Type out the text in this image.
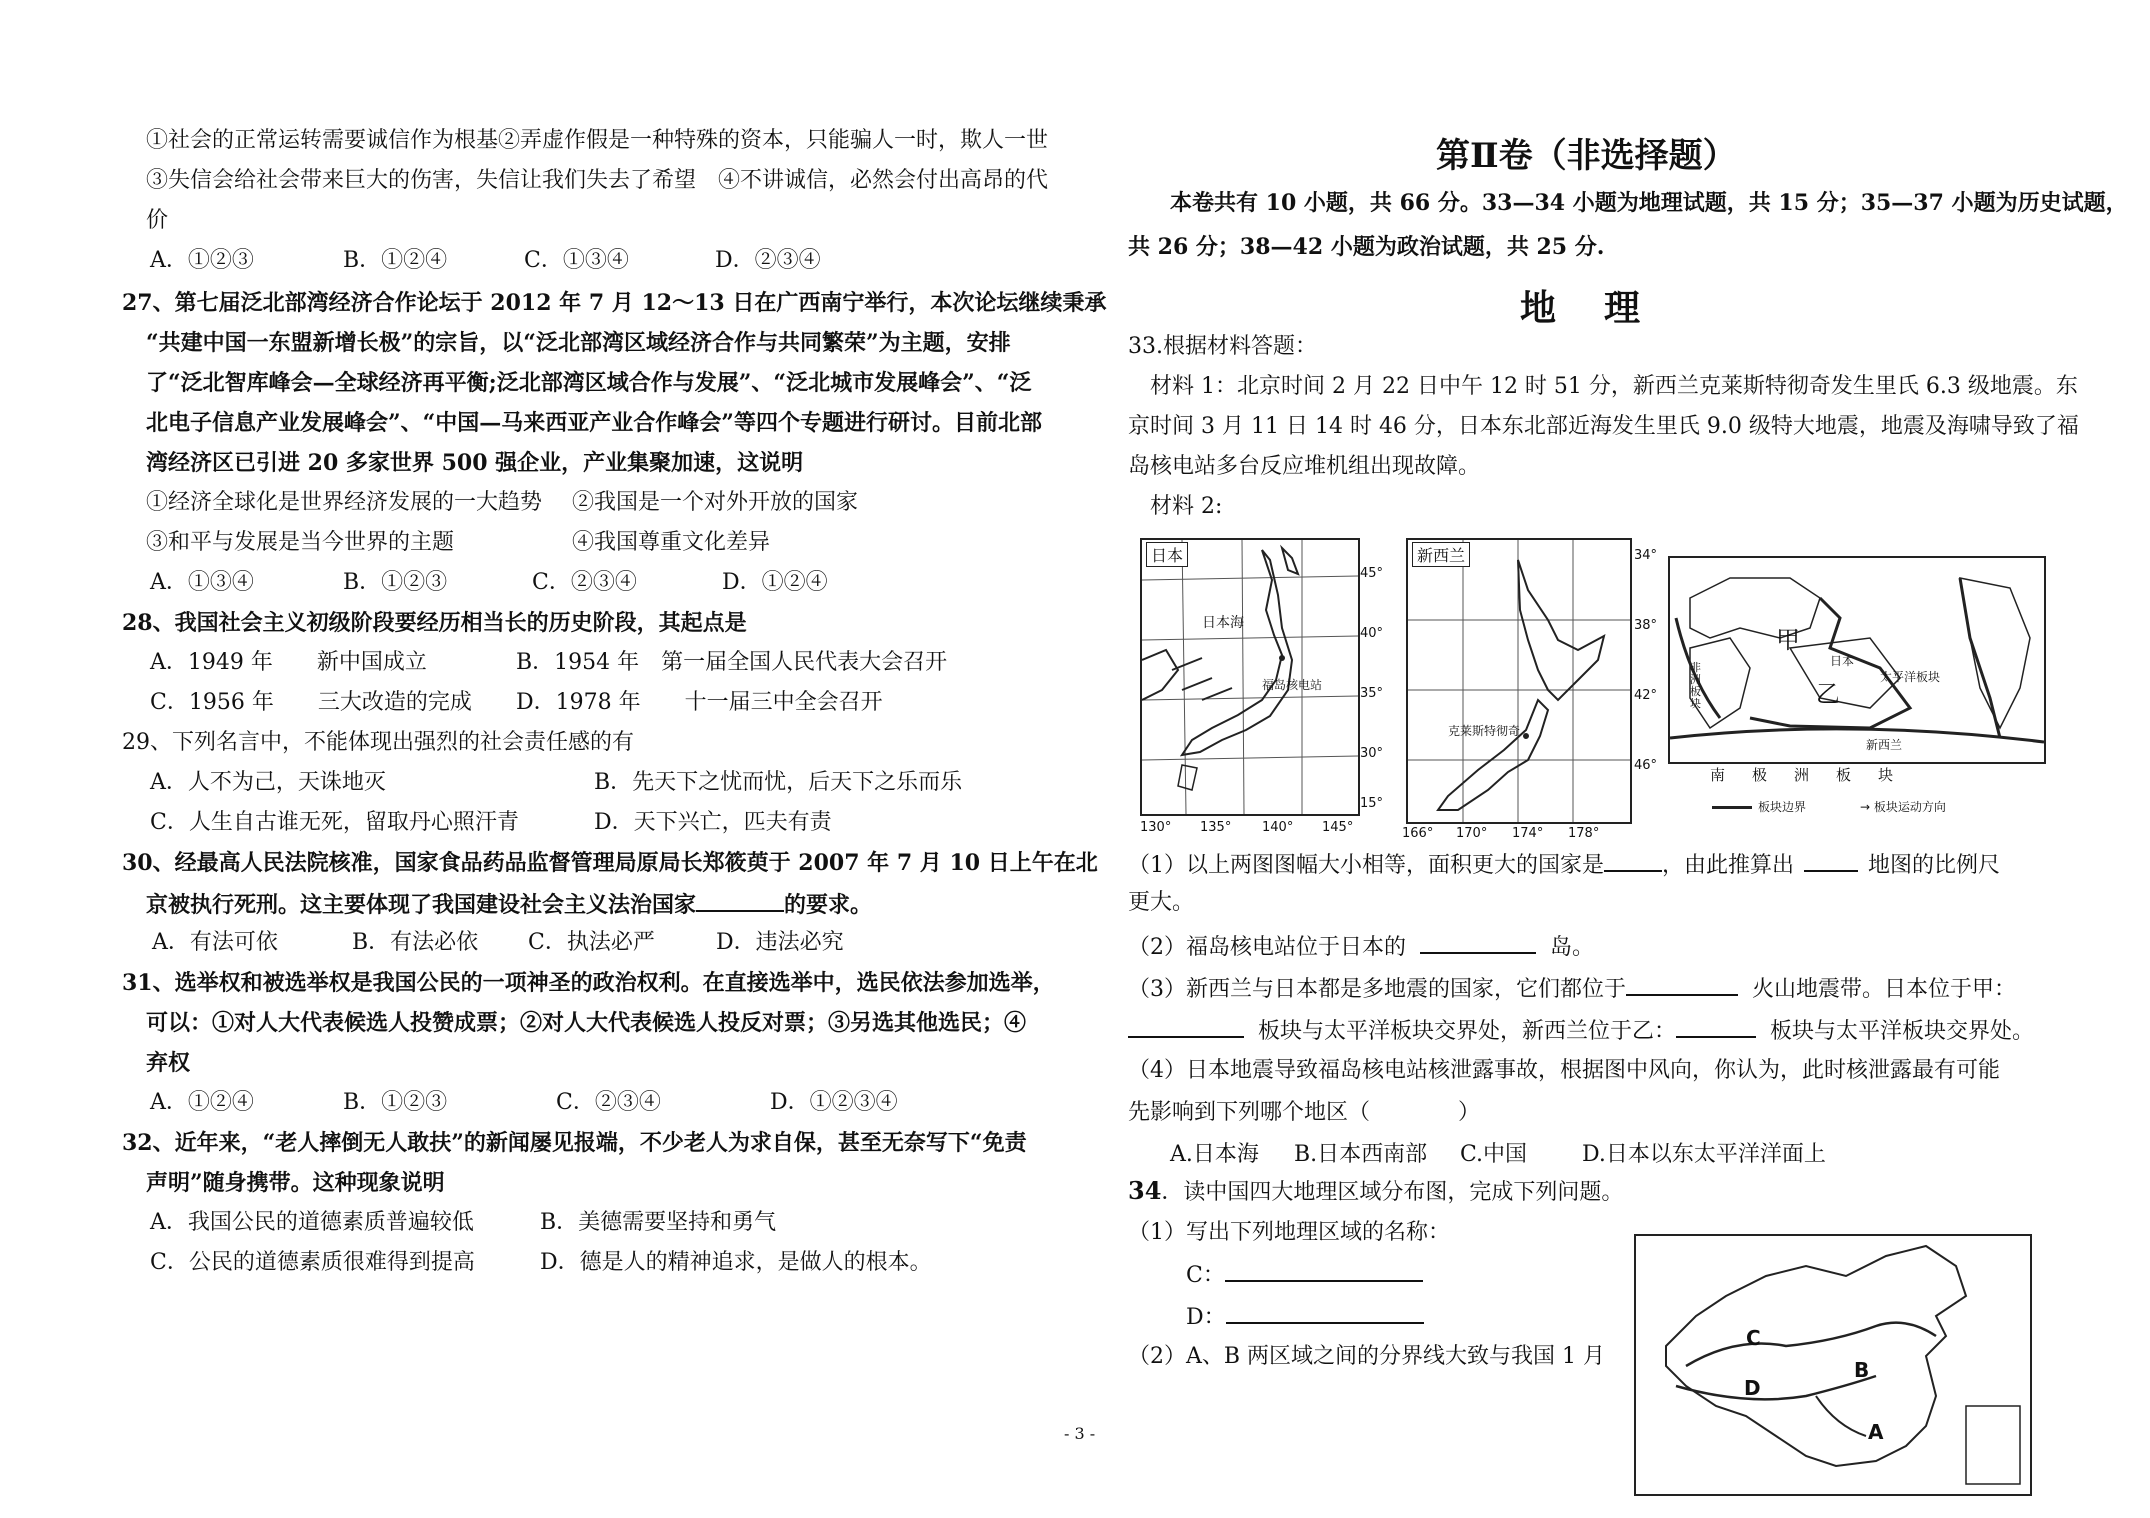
①社会的正常运转需要诚信作为根基②弄虚作假是一种特殊的资本，只能骗人一时，欺人一世
③失信会给社会带来巨大的伤害，失信让我们失去了希望　④不讲诚信，必然会付出高昂的代
价
A．①②③	B．①②④	C．①③④	D．②③④
27、第七届泛北部湾经济合作论坛于 2012 年 7 月 12～13 日在广西南宁举行，本次论坛继续秉承
“共建中国一东盟新增长极”的宗旨，以“泛北部湾区域经济合作与共同繁荣”为主题，安排
了“泛北智库峰会—全球经济再平衡;泛北部湾区域合作与发展”、“泛北城市发展峰会”、“泛
北电子信息产业发展峰会”、“中国—马来西亚产业合作峰会”等四个专题进行研讨。目前北部
湾经济区已引进 20 多家世界 500 强企业，产业集聚加速，这说明
①经济全球化是世界经济发展的一大趋势 ②我国是一个对外开放的国家
③和平与发展是当今世界的主题	④我国尊重文化差异
A．①③④	B．①②③	C．②③④	D．①②④
28、我国社会主义初级阶段要经历相当长的历史阶段，其起点是
A．1949 年　　新中国成立	B．1954 年　第一届全国人民代表大会召开
C．1956 年　　三大改造的完成 D．1978 年　　十一届三中全会召开
29、下列名言中，不能体现出强烈的社会责任感的有
A．人不为己，天诛地灭	B．先天下之忧而忧，后天下之乐而乐
C．人生自古谁无死，留取丹心照汗青	D．天下兴亡，匹夫有责
30、经最高人民法院核准，国家食品药品监督管理局原局长郑筱萸于 2007 年 7 月 10 日上午在北
京被执行死刑。这主要体现了我国建设社会主义法治国家	的要求。
A．有法可依	B．有法必依 C．执法必严	D．违法必究
31、选举权和被选举权是我国公民的一项神圣的政治权利。在直接选举中，选民依法参加选举，
可以：①对人大代表候选人投赞成票；②对人大代表候选人投反对票；③另选其他选民；④
弃权
A．①②④	B．①②③	C．②③④	D．①②③④
32、近年来，“老人摔倒无人敢扶”的新闻屡见报端，不少老人为求自保，甚至无奈写下“免责
声明”随身携带。这种现象说明
A．我国公民的道德素质普遍较低	B．美德需要坚持和勇气
C．公民的道德素质很难得到提高	D．德是人的精神追求，是做人的根本。
第Ⅱ卷（非选择题）
本卷共有 10 小题，共 66 分。33—34 小题为地理试题，共 15 分；35—37 小题为历史试题，
共 26 分；38—42 小题为政治试题，共 25 分.
地理
33.根据材料答题：
材料 1：北京时间 2 月 22 日中午 12 时 51 分，新西兰克莱斯特彻奇发生里氏 6.3 级地震。东
京时间 3 月 11 日 14 时 46 分，日本东北部近海发生里氏 9.0 级特大地震，地震及海啸导致了福
岛核电站多台反应堆机组出现故障。
材料 2:
日本
日本海
福岛核电站
45°
40°
35°
30°
15°
130° 135° 140° 145°
新西兰
克莱斯特彻奇
34°
38°
42°
46°
166° 170° 174° 178°
甲
乙
日本
太平洋板块
非洲板块
新西兰
南　极　洲　板　块
板块边界	→ 板块运动方向
（1）以上两图图幅大小相等，面积更大的国家是	，由此推算出	地图的比例尺
更大。
（2）福岛核电站位于日本的	岛。
（3）新西兰与日本都是多地震的国家，它们都位于	火山地震带。日本位于甲：
板块与太平洋板块交界处，新西兰位于乙：	板块与太平洋板块交界处。
（4）日本地震导致福岛核电站核泄露事故，根据图中风向，你认为，此时核泄露最有可能
先影响到下列哪个地区（　　　　）
A.日本海 B.日本西南部 C.中国 D.日本以东太平洋洋面上
34．读中国四大地理区域分布图，完成下列问题。
（1）写出下列地理区域的名称：
C：
D：
（2）A、B 两区域之间的分界线大致与我国 1 月
A
B
C
D
- 3 -
